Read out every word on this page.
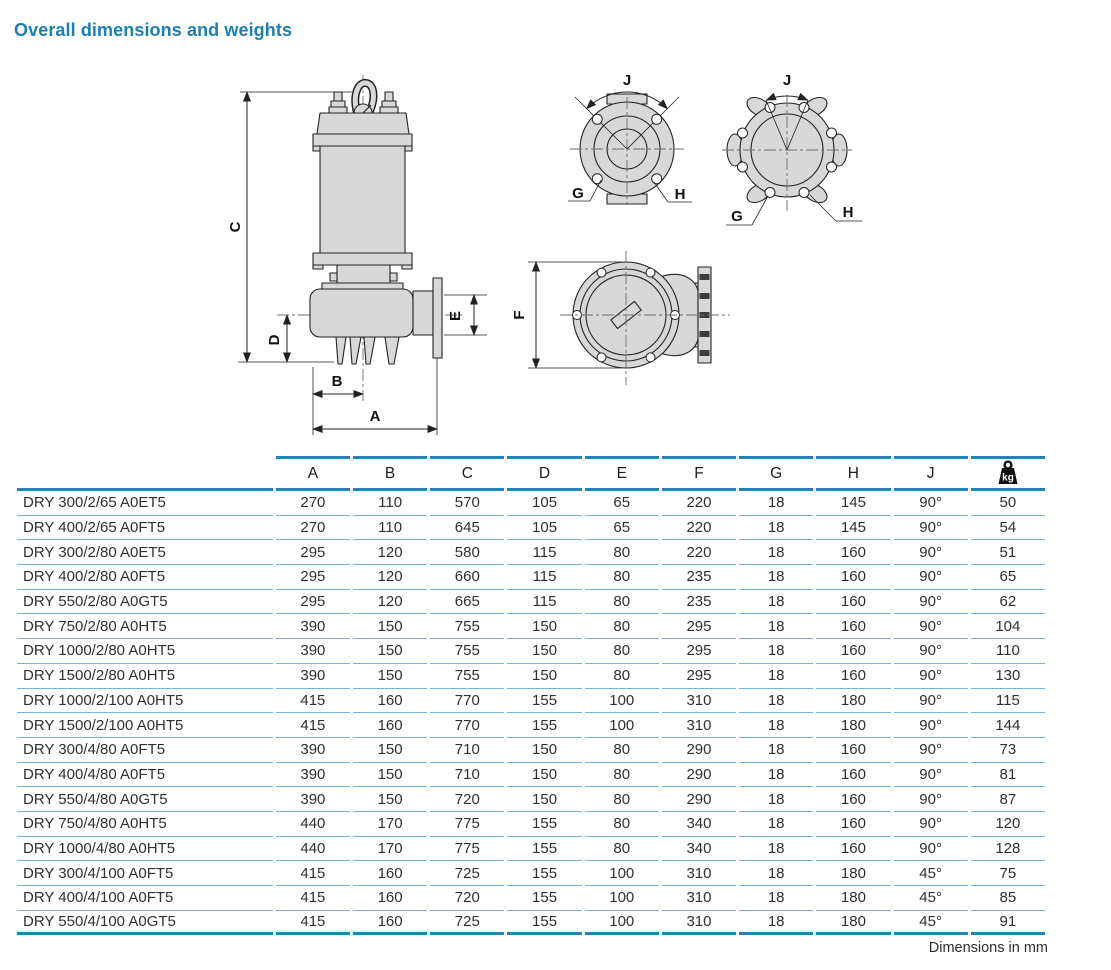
Overall dimensions and weights
C
D
B
A
E
J
G	H
J
G	H
F
	A	B	C	D	E	F	G	H	J	kg

DRY 300/2/65 A0ET5	270	110	570	105	65	220	18	145	90°	50
DRY 400/2/65 A0FT5	270	110	645	105	65	220	18	145	90°	54
DRY 300/2/80 A0ET5	295	120	580	115	80	220	18	160	90°	51
DRY 400/2/80 A0FT5	295	120	660	115	80	235	18	160	90°	65
DRY 550/2/80 A0GT5	295	120	665	115	80	235	18	160	90°	62
DRY 750/2/80 A0HT5	390	150	755	150	80	295	18	160	90°	104
DRY 1000/2/80 A0HT5	390	150	755	150	80	295	18	160	90°	110
DRY 1500/2/80 A0HT5	390	150	755	150	80	295	18	160	90°	130
DRY 1000/2/100 A0HT5	415	160	770	155	100	310	18	180	90°	115
DRY 1500/2/100 A0HT5	415	160	770	155	100	310	18	180	90°	144
DRY 300/4/80 A0FT5	390	150	710	150	80	290	18	160	90°	73
DRY 400/4/80 A0FT5	390	150	710	150	80	290	18	160	90°	81
DRY 550/4/80 A0GT5	390	150	720	150	80	290	18	160	90°	87
DRY 750/4/80 A0HT5	440	170	775	155	80	340	18	160	90°	120
DRY 1000/4/80 A0HT5	440	170	775	155	80	340	18	160	90°	128
DRY 300/4/100 A0FT5	415	160	725	155	100	310	18	180	45°	75
DRY 400/4/100 A0FT5	415	160	720	155	100	310	18	180	45°	85
DRY 550/4/100 A0GT5	415	160	725	155	100	310	18	180	45°	91
Dimensions in mm
